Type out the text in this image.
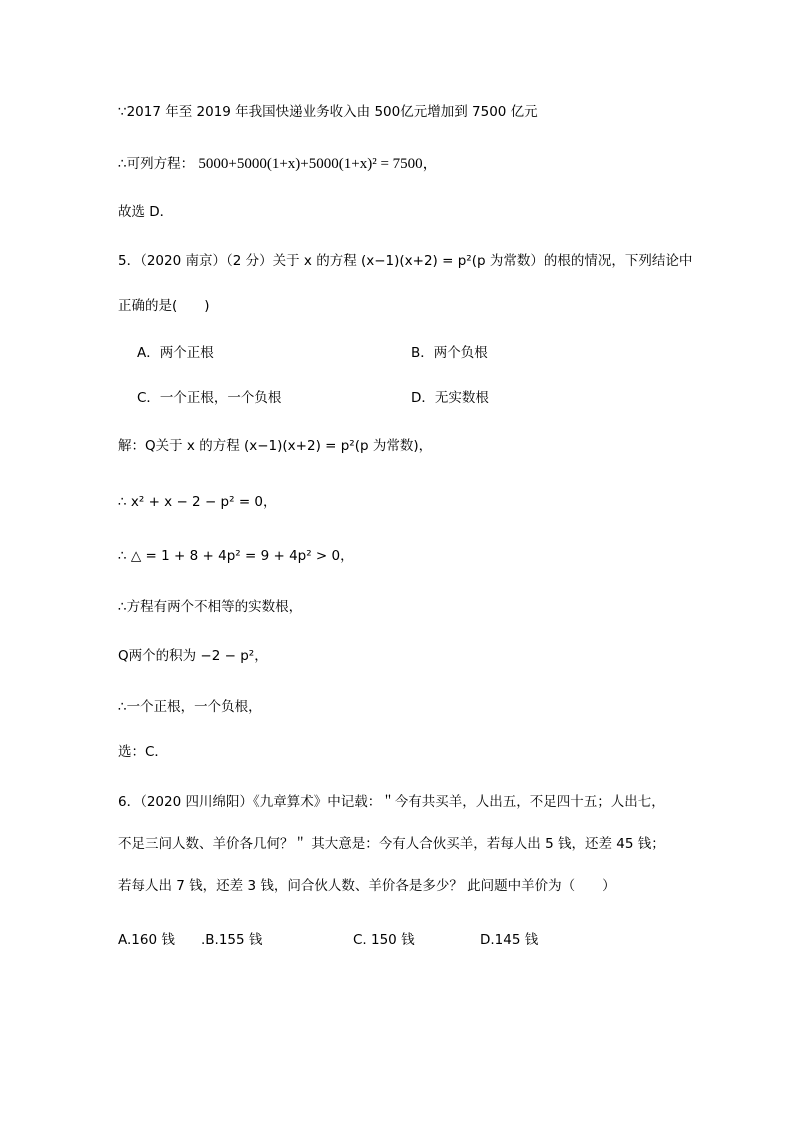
∵2017 年至 2019 年我国快递业务收入由 500亿元增加到 7500 亿元
∴可列方程： 5000+5000(1+x)+5000(1+x)² = 7500，
故选 D．
5．（2020 南京）（2 分）关于 x 的方程 (x−1)(x+2) = p²(p 为常数）的根的情况，下列结论中
正确的是(　　)
A．两个正根	B．两个负根
C．一个正根，一个负根	D．无实数根
解：Q关于 x 的方程 (x−1)(x+2) = p²(p 为常数)，
∴ x² + x − 2 − p² = 0，
∴ △ = 1 + 8 + 4p² = 9 + 4p² > 0，
∴方程有两个不相等的实数根，
Q两个的积为 −2 − p²，
∴一个正根，一个负根，
选：C．
6．（2020 四川绵阳）《九章算术》中记载：＂今有共买羊，人出五，不足四十五；人出七，
不足三问人数、羊价各几何？＂ 其大意是：今有人合伙买羊，若每人出 5 钱，还差 45 钱；
若每人出 7 钱，还差 3 钱，问合伙人数、羊价各是多少？ 此问题中羊价为（　　）
A.160 钱 .B.155 钱	C. 150 钱	D.145 钱
